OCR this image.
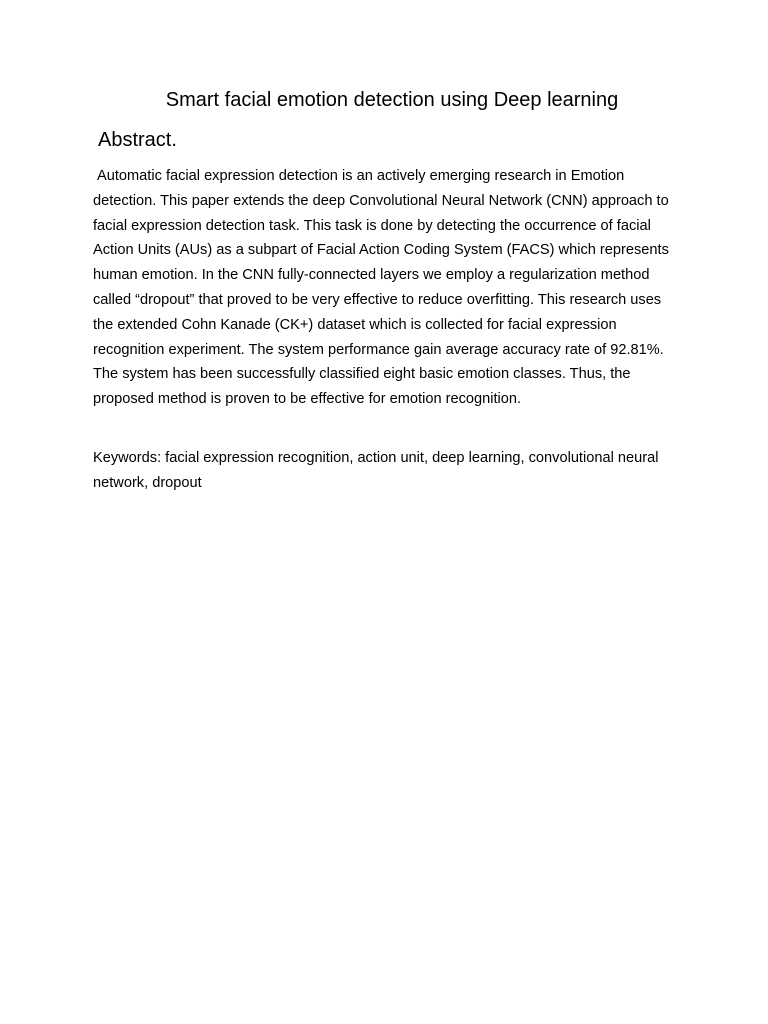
Smart facial emotion detection using Deep learning
Abstract.

Automatic facial expression detection is an actively emerging research in Emotion detection. This paper extends the deep Convolutional Neural Network (CNN) approach to facial expression detection task. This task is done by detecting the occurrence of facial Action Units (AUs) as a subpart of Facial Action Coding System (FACS) which represents human emotion. In the CNN fully-connected layers we employ a regularization method called “dropout” that proved to be very effective to reduce overfitting. This research uses the extended Cohn Kanade (CK+) dataset which is collected for facial expression recognition experiment. The system performance gain average accuracy rate of 92.81%. The system has been successfully classified eight basic emotion classes. Thus, the proposed method is proven to be effective for emotion recognition.

Keywords: facial expression recognition, action unit, deep learning, convolutional neural network, dropout
